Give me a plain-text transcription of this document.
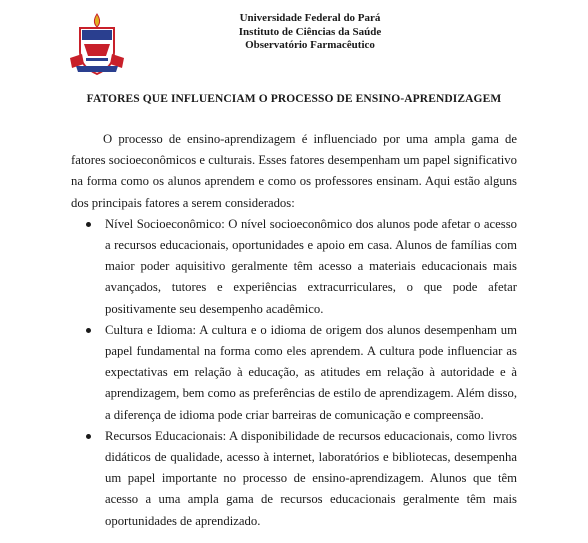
Universidade Federal do Pará
Instituto de Ciências da Saúde
Observatório Farmacêutico
FATORES QUE INFLUENCIAM O PROCESSO DE ENSINO-APRENDIZAGEM

O processo de ensino-aprendizagem é influenciado por uma ampla gama de fatores socioeconômicos e culturais. Esses fatores desempenham um papel significativo na forma como os alunos aprendem e como os professores ensinam. Aqui estão alguns dos principais fatores a serem considerados:

Nível Socioeconômico: O nível socioeconômico dos alunos pode afetar o acesso a recursos educacionais, oportunidades e apoio em casa. Alunos de famílias com maior poder aquisitivo geralmente têm acesso a materiais educacionais mais avançados, tutores e experiências extracurriculares, o que pode afetar positivamente seu desempenho acadêmico.
Cultura e Idioma: A cultura e o idioma de origem dos alunos desempenham um papel fundamental na forma como eles aprendem. A cultura pode influenciar as expectativas em relação à educação, as atitudes em relação à autoridade e à aprendizagem, bem como as preferências de estilo de aprendizagem. Além disso, a diferença de idioma pode criar barreiras de comunicação e compreensão.
Recursos Educacionais: A disponibilidade de recursos educacionais, como livros didáticos de qualidade, acesso à internet, laboratórios e bibliotecas, desempenha um papel importante no processo de ensino-aprendizagem. Alunos que têm acesso a uma ampla gama de recursos educacionais geralmente têm mais oportunidades de aprendizado.
